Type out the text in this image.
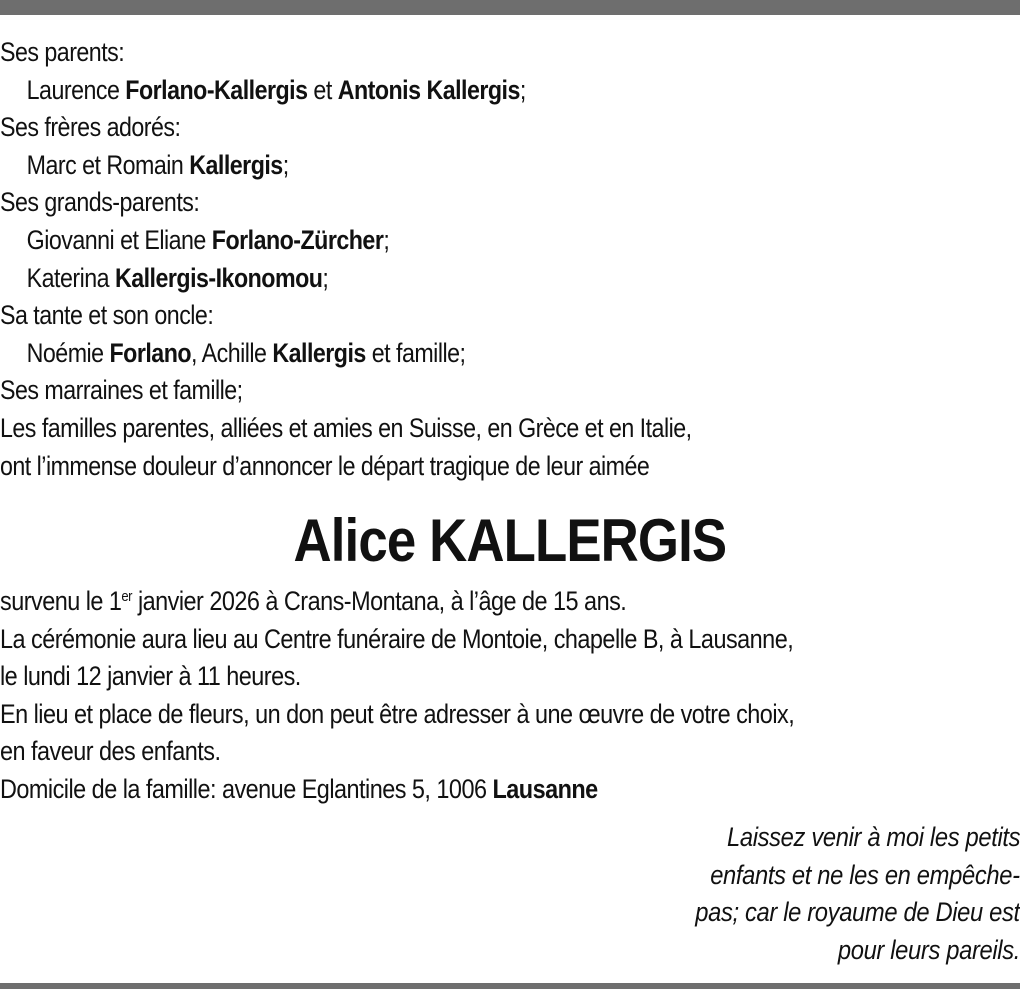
Ses parents:
Laurence Forlano-Kallergis et Antonis Kallergis;
Ses frères adorés:
Marc et Romain Kallergis;
Ses grands-parents:
Giovanni et Eliane Forlano-Zürcher;
Katerina Kallergis-Ikonomou;
Sa tante et son oncle:
Noémie Forlano, Achille Kallergis et famille;
Ses marraines et famille;
Les familles parentes, alliées et amies en Suisse, en Grèce et en Italie,
ont l’immense douleur d’annoncer le départ tragique de leur aimée
Alice KALLERGIS
survenu le 1er janvier 2026 à Crans-Montana, à l’âge de 15 ans.
La cérémonie aura lieu au Centre funéraire de Montoie, chapelle B, à Lausanne,
le lundi 12 janvier à 11 heures.
En lieu et place de fleurs, un don peut être adresser à une œuvre de votre choix,
en faveur des enfants.
Domicile de la famille: avenue Eglantines 5, 1006 Lausanne
Laissez venir à moi les petits
enfants et ne les en empêche‑
pas; car le royaume de Dieu est
pour leurs pareils.
